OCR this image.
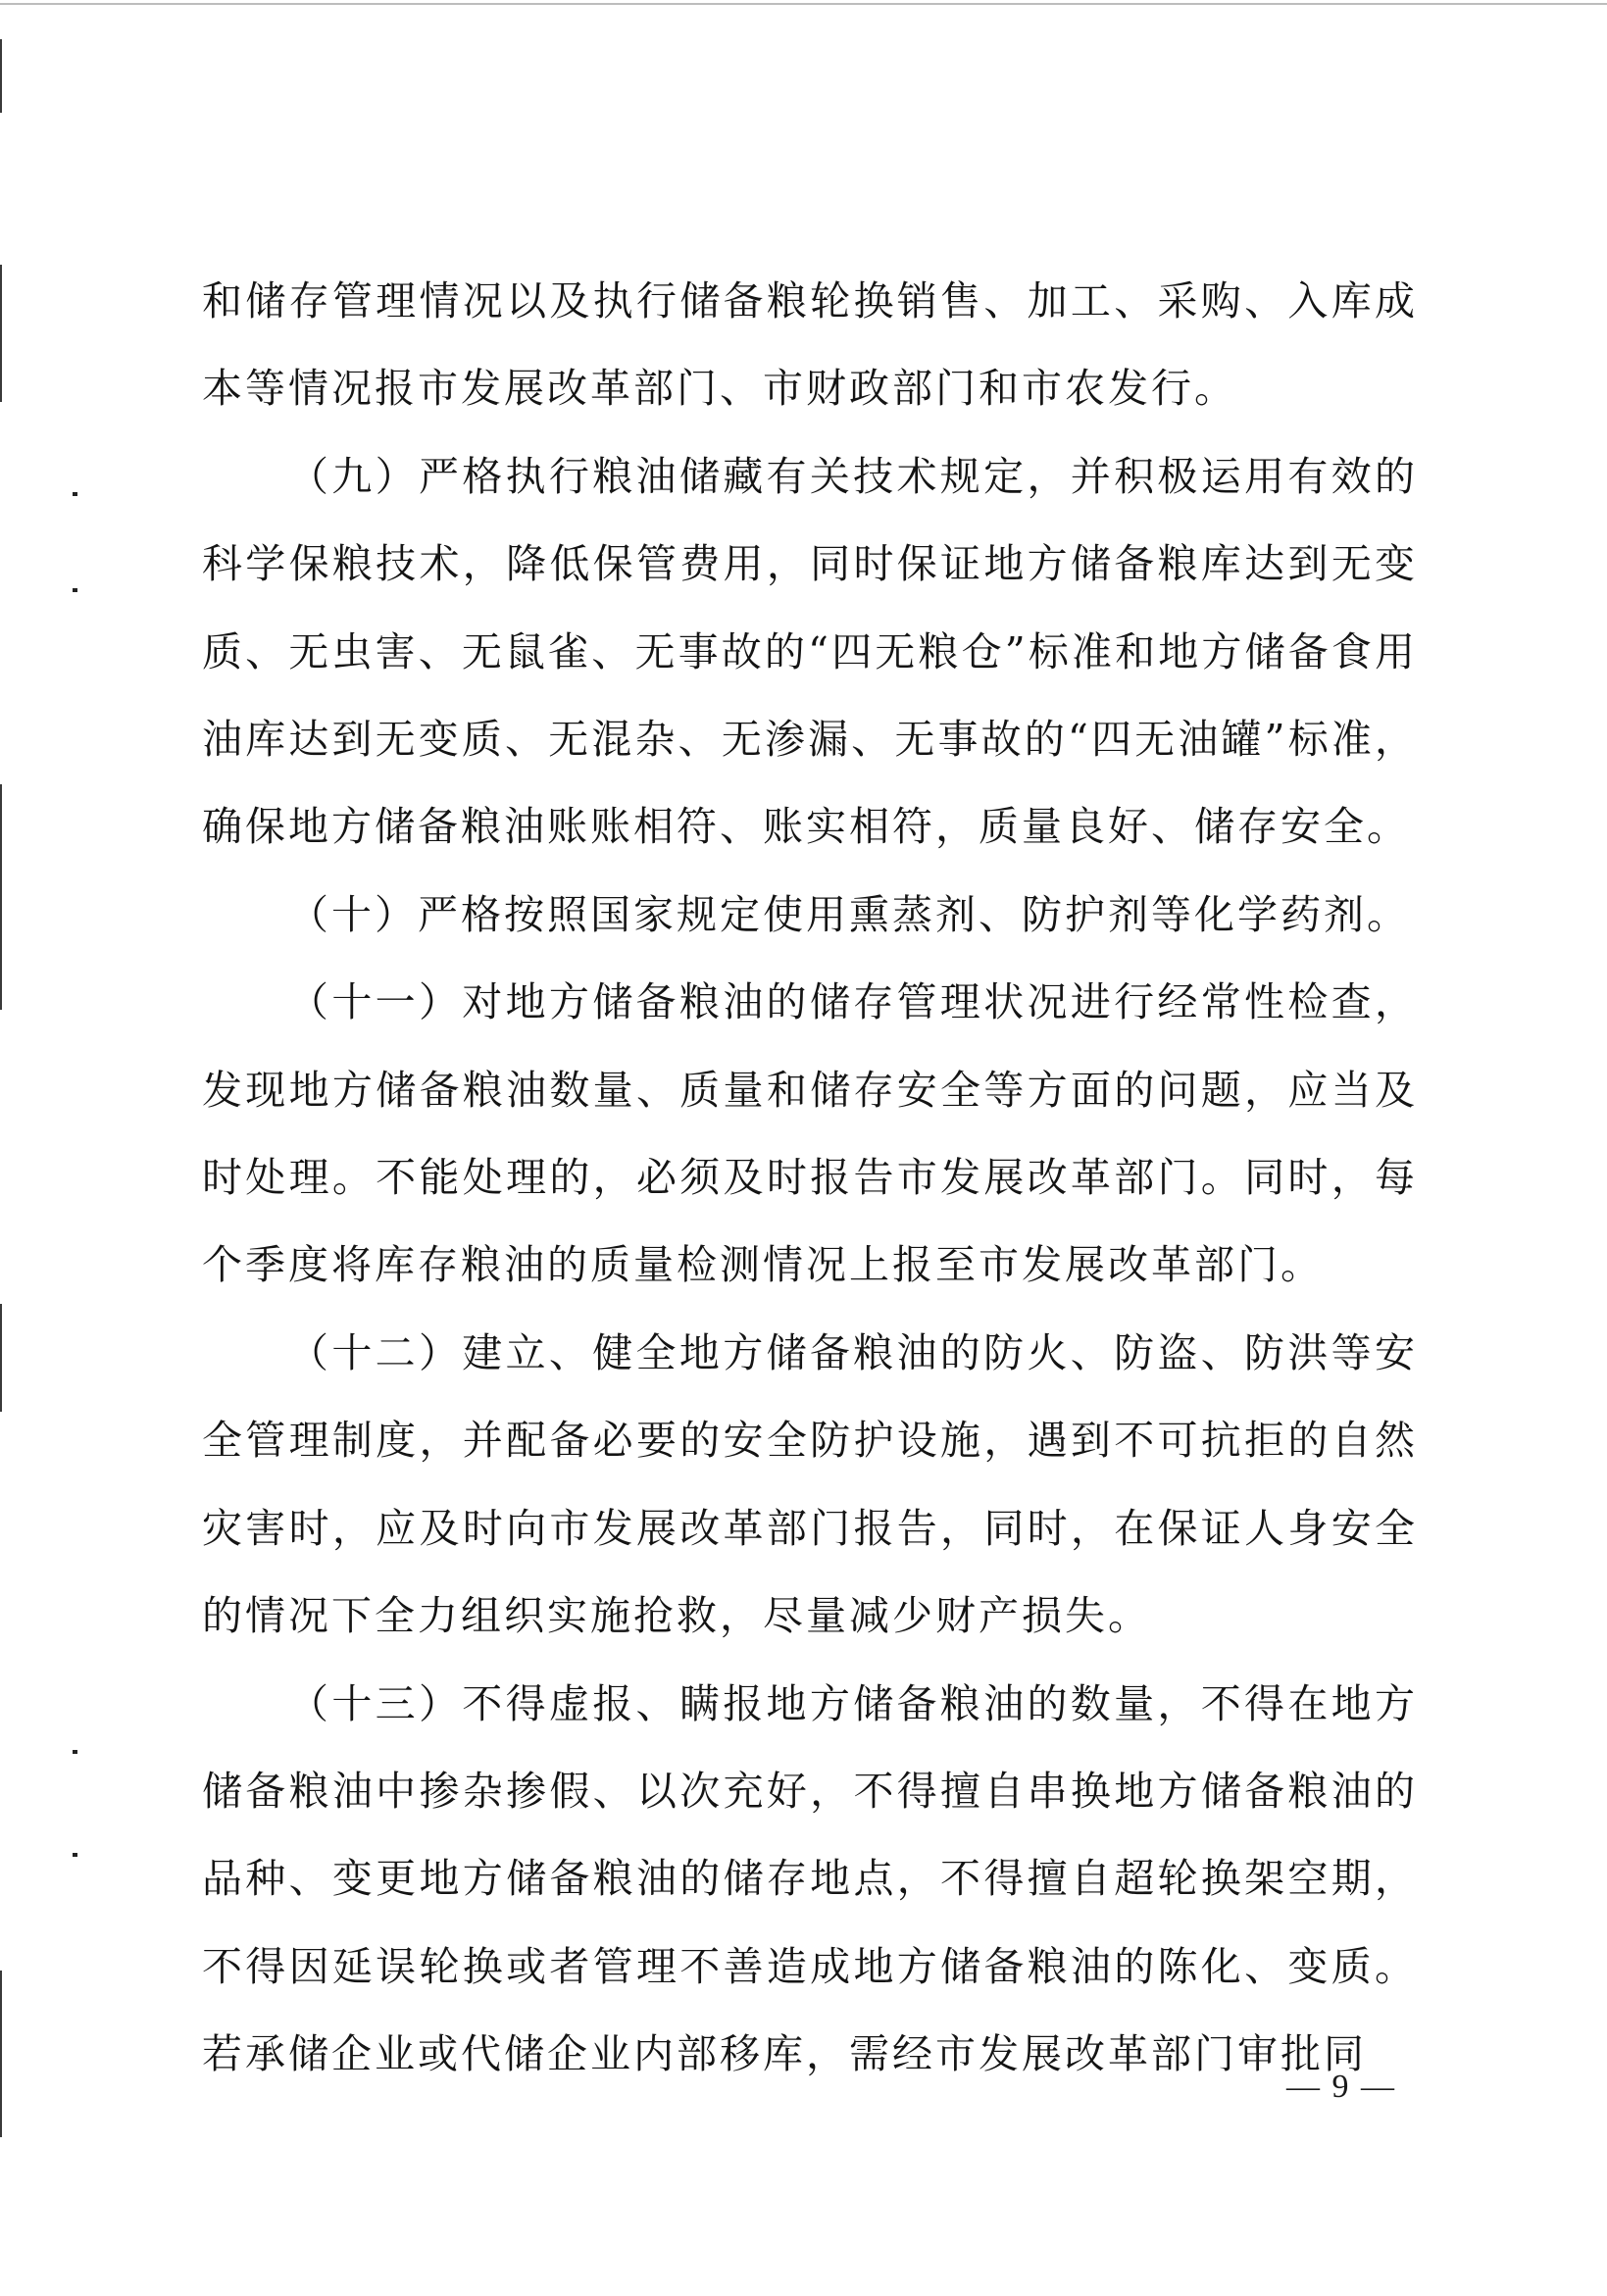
和储存管理情况以及执行储备粮轮换销售、加工、采购、入库成本等情况报市发展改革部门、市财政部门和市农发行。

（九）严格执行粮油储藏有关技术规定，并积极运用有效的科学保粮技术，降低保管费用，同时保证地方储备粮库达到无变质、无虫害、无鼠雀、无事故的“四无粮仓”标准和地方储备食用油库达到无变质、无混杂、无渗漏、无事故的“四无油罐”标准，确保地方储备粮油账账相符、账实相符，质量良好、储存安全。

（十）严格按照国家规定使用熏蒸剂、防护剂等化学药剂。

（十一）对地方储备粮油的储存管理状况进行经常性检查，发现地方储备粮油数量、质量和储存安全等方面的问题，应当及时处理。不能处理的，必须及时报告市发展改革部门。同时，每个季度将库存粮油的质量检测情况上报至市发展改革部门。

（十二）建立、健全地方储备粮油的防火、防盗、防洪等安全管理制度，并配备必要的安全防护设施，遇到不可抗拒的自然灾害时，应及时向市发展改革部门报告，同时，在保证人身安全的情况下全力组织实施抢救，尽量减少财产损失。

（十三）不得虚报、瞒报地方储备粮油的数量，不得在地方储备粮油中掺杂掺假、以次充好，不得擅自串换地方储备粮油的品种、变更地方储备粮油的储存地点，不得擅自超轮换架空期，不得因延误轮换或者管理不善造成地方储备粮油的陈化、变质。若承储企业或代储企业内部移库，需经市发展改革部门审批同

— 9 —
